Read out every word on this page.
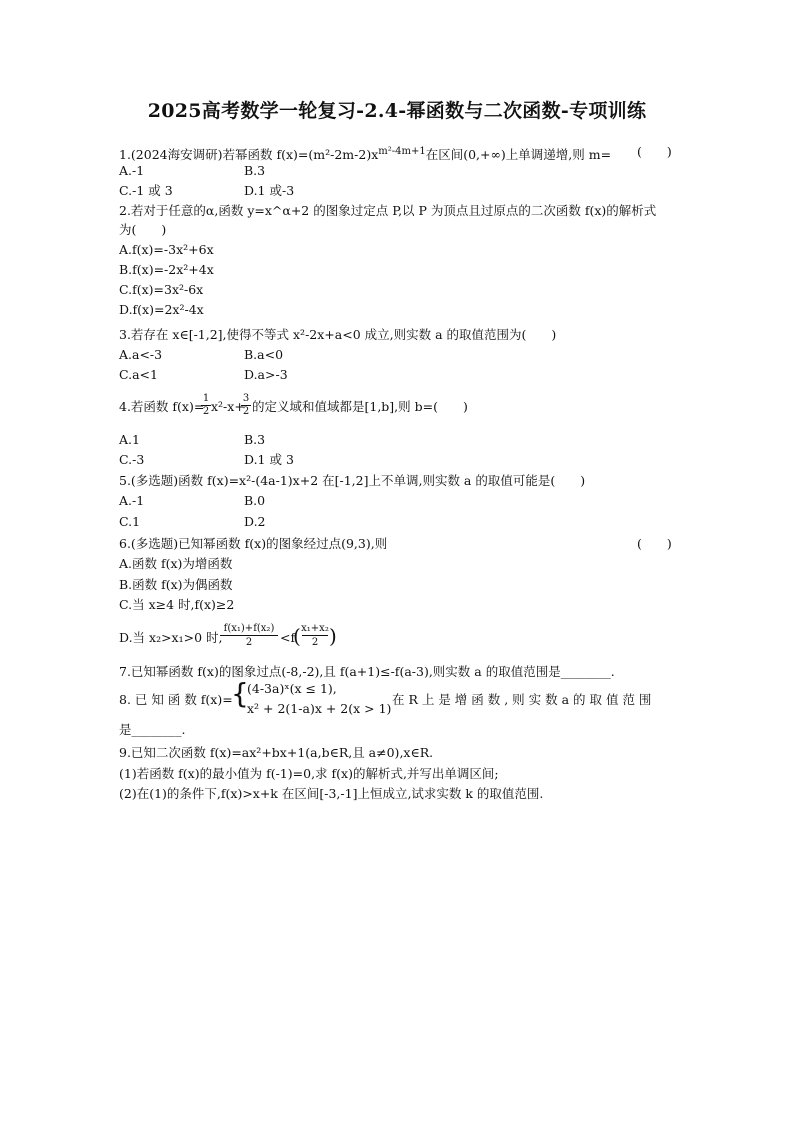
2025高考数学一轮复习-2.4-幂函数与二次函数-专项训练
1.(2024海安调研)若幂函数 $f(x)=(m^2-2m-2)x^{m^2-4m+1}$在区间(0,+∞)上单调递增,则 m= (　　)
A.-1	B.3
C.-1 或 3	D.1 或-3
2.若对于任意的α,函数 y=x^α+2 的图象过定点 P,以 P 为顶点且过原点的二次函数 f(x)的解析式
为(　　)
A.f(x)=-3x²+6x
B.f(x)=-2x²+4x
C.f(x)=3x²-6x
D.f(x)=2x²-4x
3.若存在 x∈[-1,2],使得不等式 x²-2x+a<0 成立,则实数 a 的取值范围为(　　)
A.a<-3	B.a<0
C.a<1	D.a>-3
4.若函数 f(x)=
1
2 x²-x+
3
2 的定义域和值域都是[1,b],则 b=(　　)
A.1	B.3
C.-3	D.1 或 3
5.(多选题)函数 f(x)=x²-(4a-1)x+2 在[-1,2]上不单调,则实数 a 的取值可能是(　　)
A.-1	B.0
C.1	D.2
6.(多选题)已知幂函数 f(x)的图象经过点(9,3),则	(　　)
A.函数 f(x)为增函数
B.函数 f(x)为偶函数
C.当 x≥4 时,f(x)≥2
D.当 x₂>x₁>0 时,
f(x₁)+f(x₂)
2	<f
( x₁+x₂
2 )
7.已知幂函数 f(x)的图象过点(-8,-2),且 f(a+1)≤-f(a-3),则实数 a 的取值范围是________.
8. 已 知 函 数 f(x)=
{
(4-3a)ˣ(x ≤ 1),
x² + 2(1-a)x + 2(x > 1)
在 R 上 是 增 函 数 , 则 实 数 a 的 取 值 范 围
是________.
9.已知二次函数 f(x)=ax²+bx+1(a,b∈R,且 a≠0),x∈R.
(1)若函数 f(x)的最小值为 f(-1)=0,求 f(x)的解析式,并写出单调区间;
(2)在(1)的条件下,f(x)>x+k 在区间[-3,-1]上恒成立,试求实数 k 的取值范围.
